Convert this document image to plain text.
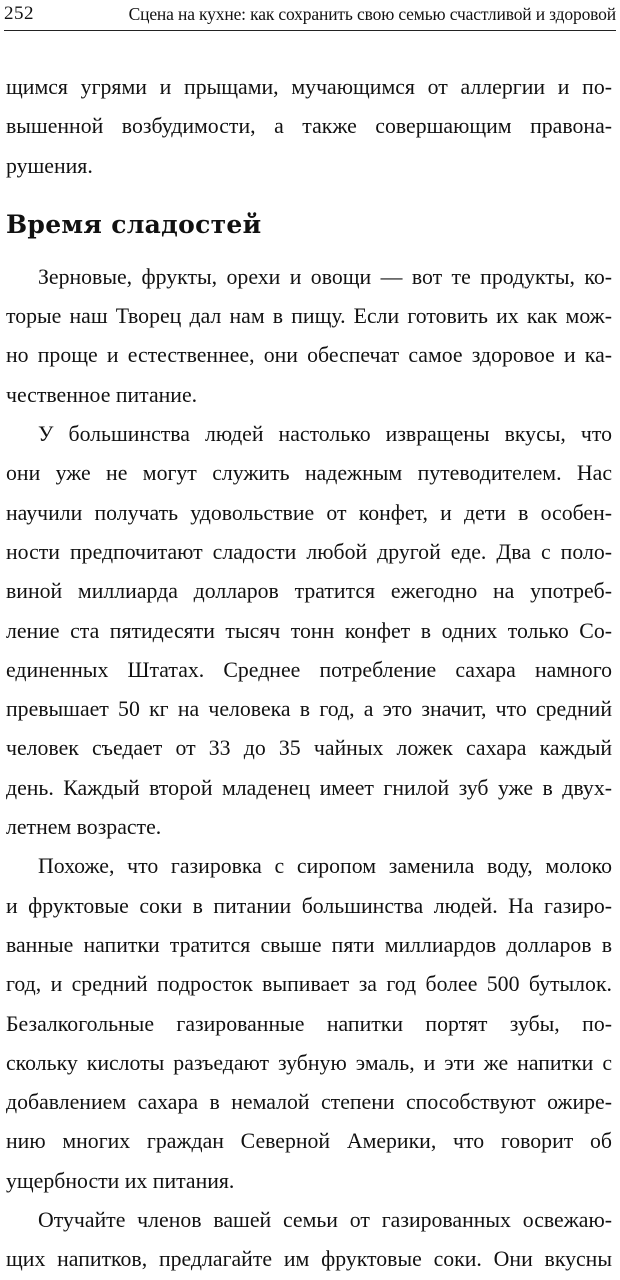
252	Сцена на кухне: как сохранить свою семью счастливой и здоровой
щимся угрями и прыщами, мучающимся от аллергии и по-
вышенной возбудимости, а также совершающим правона-
рушения.
Время сладостей
Зерновые, фрукты, орехи и овощи — вот те продукты, ко-
торые наш Творец дал нам в пищу. Если готовить их как мож-
но проще и естественнее, они обеспечат самое здоровое и ка-
чественное питание.
У большинства людей настолько извращены вкусы, что
они уже не могут служить надежным путеводителем. Нас
научили получать удовольствие от конфет, и дети в особен-
ности предпочитают сладости любой другой еде. Два с поло-
виной миллиарда долларов тратится ежегодно на употреб-
ление ста пятидесяти тысяч тонн конфет в одних только Со-
единенных Штатах. Среднее потребление сахара намного
превышает 50 кг на человека в год, а это значит, что средний
человек съедает от 33 до 35 чайных ложек сахара каждый
день. Каждый второй младенец имеет гнилой зуб уже в двух-
летнем возрасте.
Похоже, что газировка с сиропом заменила воду, молоко
и фруктовые соки в питании большинства людей. На газиро-
ванные напитки тратится свыше пяти миллиардов долларов в
год, и средний подросток выпивает за год более 500 бутылок.
Безалкогольные газированные напитки портят зубы, по-
скольку кислоты разъедают зубную эмаль, и эти же напитки с
добавлением сахара в немалой степени способствуют ожире-
нию многих граждан Северной Америки, что говорит об
ущербности их питания.
Отучайте членов вашей семьи от газированных освежаю-
щих напитков, предлагайте им фруктовые соки. Они вкусны
